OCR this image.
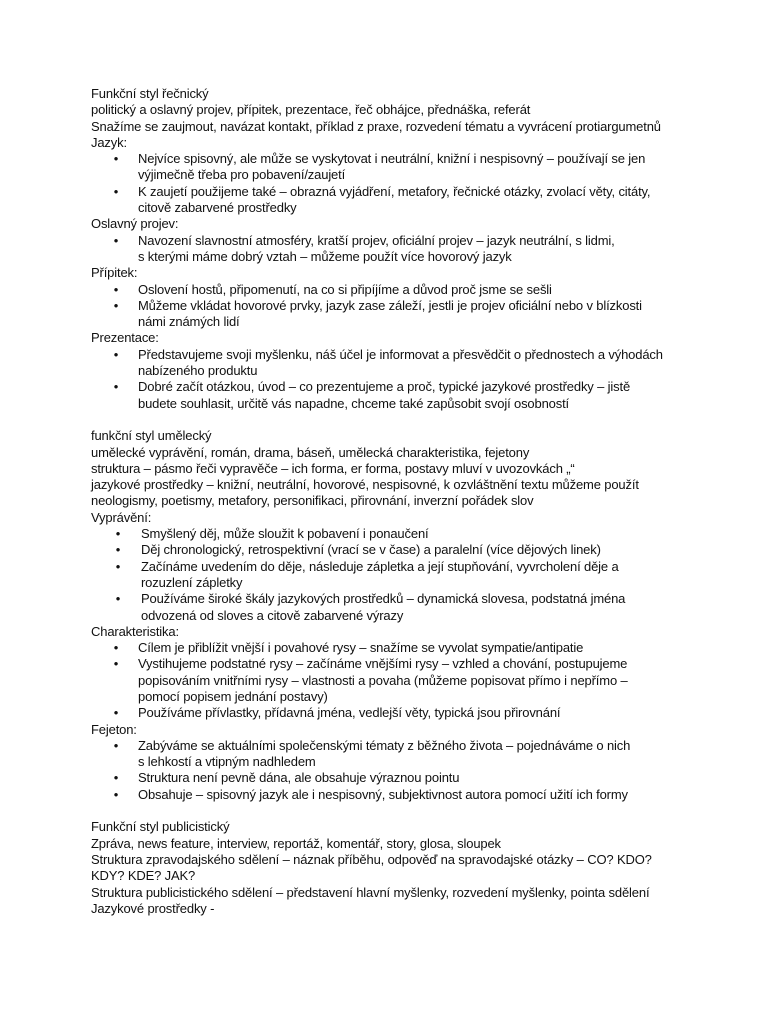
Funkční styl řečnický
politický a oslavný projev, přípitek, prezentace, řeč obhájce, přednáška, referát
Snažíme se zaujmout, navázat kontakt, příklad z praxe, rozvedení tématu a vyvrácení protiargumetnů
Jazyk:
• Nejvíce spisovný, ale může se vyskytovat i neutrální, knižní i nespisovný – používají se jen
výjimečně třeba pro pobavení/zaujetí
• K zaujetí použijeme také – obrazná vyjádření, metafory, řečnické otázky, zvolací věty, citáty,
citově zabarvené prostředky
Oslavný projev:
• Navození slavnostní atmosféry, kratší projev, oficiální projev – jazyk neutrální, s lidmi,
s kterými máme dobrý vztah – můžeme použít více hovorový jazyk
Přípitek:
• Oslovení hostů, připomenutí, na co si připíjíme a důvod proč jsme se sešli
• Můžeme vkládat hovorové prvky, jazyk zase záleží, jestli je projev oficiální nebo v blízkosti
námi známých lidí
Prezentace:
• Představujeme svoji myšlenku, náš účel je informovat a přesvědčit o přednostech a výhodách
nabízeného produktu
• Dobré začít otázkou, úvod – co prezentujeme a proč, typické jazykové prostředky – jistě
budete souhlasit, určitě vás napadne, chceme také zapůsobit svojí osobností
funkční styl umělecký
umělecké vyprávění, román, drama, báseň, umělecká charakteristika, fejetony
struktura – pásmo řeči vypravěče – ich forma, er forma, postavy mluví v uvozovkách „“
jazykové prostředky – knižní, neutrální, hovorové, nespisovné, k ozvláštnění textu můžeme použít
neologismy, poetismy, metafory, personifikaci, přirovnání, inverzní pořádek slov
Vyprávění:
• Smyšlený děj, může sloužit k pobavení i ponaučení
• Děj chronologický, retrospektivní (vrací se v čase) a paralelní (více dějových linek)
• Začínáme uvedením do děje, následuje zápletka a její stupňování, vyvrcholení děje a
rozuzlení zápletky
• Používáme široké škály jazykových prostředků – dynamická slovesa, podstatná jména
odvozená od sloves a citově zabarvené výrazy
Charakteristika:
• Cílem je přiblížit vnější i povahové rysy – snažíme se vyvolat sympatie/antipatie
• Vystihujeme podstatné rysy – začínáme vnějšími rysy – vzhled a chování, postupujeme
popisováním vnitřními rysy – vlastnosti a povaha (můžeme popisovat přímo i nepřímo –
pomocí popisem jednání postavy)
• Používáme přívlastky, přídavná jména, vedlejší věty, typická jsou přirovnání
Fejeton:
• Zabýváme se aktuálními společenskými tématy z běžného života – pojednáváme o nich
s lehkostí a vtipným nadhledem
• Struktura není pevně dána, ale obsahuje výraznou pointu
• Obsahuje – spisovný jazyk ale i nespisovný, subjektivnost autora pomocí užití ich formy
Funkční styl publicistický
Zpráva, news feature, interview, reportáž, komentář, story, glosa, sloupek
Struktura zpravodajského sdělení – náznak příběhu, odpověď na spravodajské otázky – CO? KDO?
KDY? KDE? JAK?
Struktura publicistického sdělení – představení hlavní myšlenky, rozvedení myšlenky, pointa sdělení
Jazykové prostředky -
